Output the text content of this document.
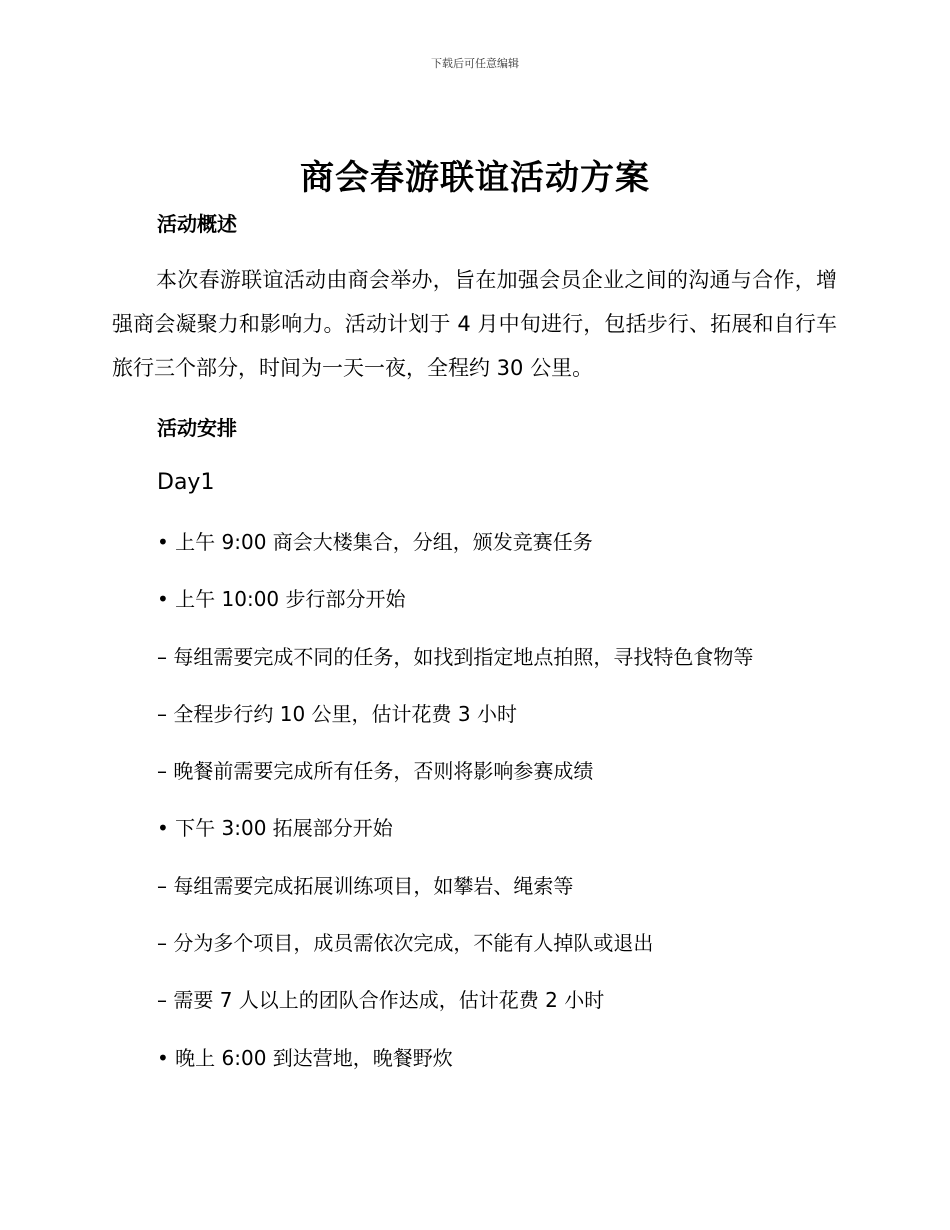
下载后可任意编辑
商会春游联谊活动方案
活动概述

本次春游联谊活动由商会举办，旨在加强会员企业之间的沟通与合作，增强商会凝聚力和影响力。活动计划于 4 月中旬进行，包括步行、拓展和自行车旅行三个部分，时间为一天一夜，全程约 30 公里。

活动安排
Day1
• 上午 9:00 商会大楼集合，分组，颁发竞赛任务
• 上午 10:00 步行部分开始
– 每组需要完成不同的任务，如找到指定地点拍照，寻找特色食物等
– 全程步行约 10 公里，估计花费 3 小时
– 晚餐前需要完成所有任务，否则将影响参赛成绩
• 下午 3:00 拓展部分开始
– 每组需要完成拓展训练项目，如攀岩、绳索等
– 分为多个项目，成员需依次完成，不能有人掉队或退出
– 需要 7 人以上的团队合作达成，估计花费 2 小时
• 晚上 6:00 到达营地，晚餐野炊
